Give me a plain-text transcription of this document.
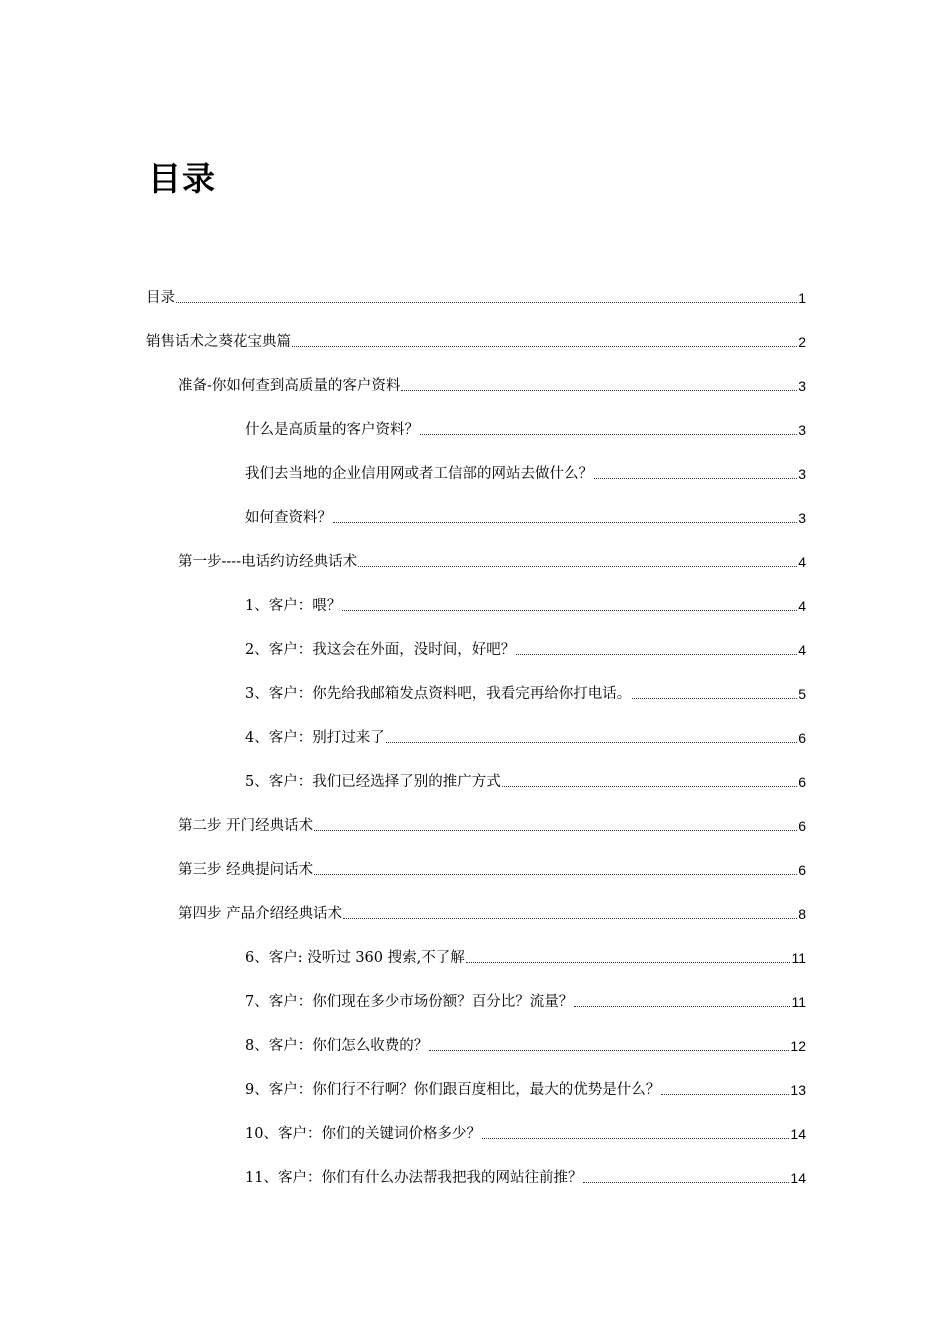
目录
目录	1
销售话术之葵花宝典篇	2
准备-你如何查到高质量的客户资料	3
什么是高质量的客户资料？	3
我们去当地的企业信用网或者工信部的网站去做什么？	3
如何查资料？	3
第一步----电话约访经典话术	4
1、客户：喂？	4
2、客户：我这会在外面，没时间，好吧？	4
3、客户：你先给我邮箱发点资料吧，我看完再给你打电话。	5
4、客户：别打过来了	6
5、客户：我们已经选择了别的推广方式	6
第二步 开门经典话术	6
第三步 经典提问话术	6
第四步 产品介绍经典话术	8
6、客户: 没听过 360 搜索,不了解	11
7、客户：你们现在多少市场份额？百分比？流量？	11
8、客户：你们怎么收费的？	12
9、客户：你们行不行啊？你们跟百度相比，最大的优势是什么？	13
10、客户：你们的关键词价格多少？	14
11、客户：你们有什么办法帮我把我的网站往前推？	14
